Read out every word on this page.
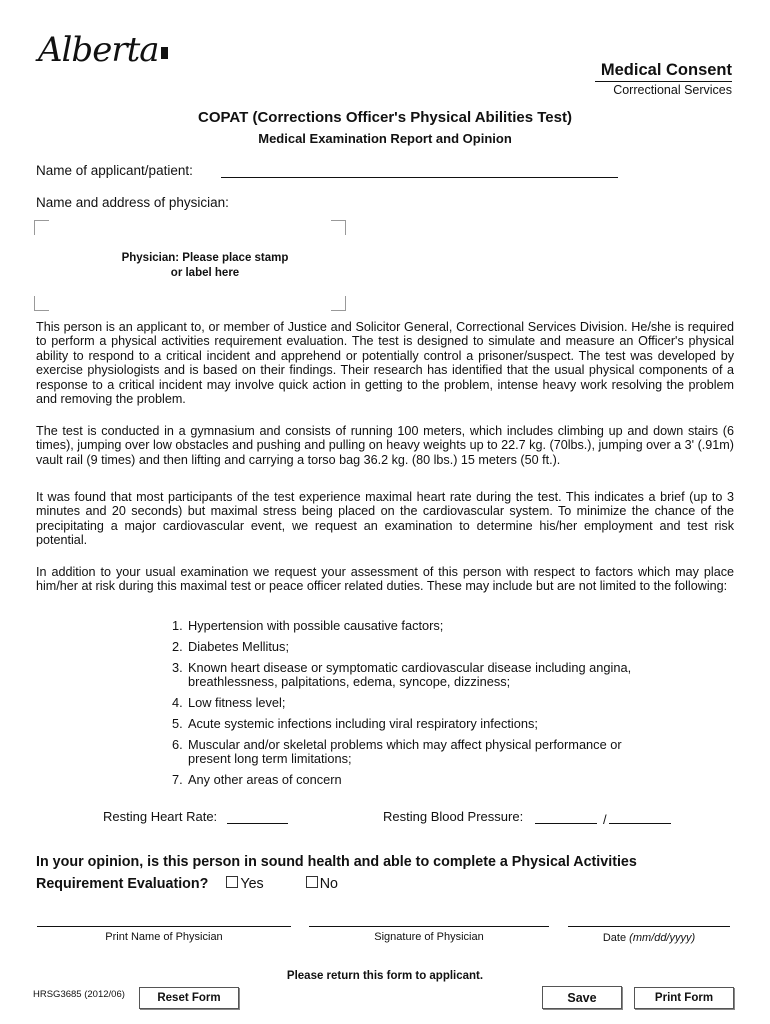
Alberta	Medical Consent
Correctional Services
COPAT (Corrections Officer's Physical Abilities Test)
Medical Examination Report and Opinion
Name of applicant/patient:
Name and address of physician:
Physician: Please place stamp
or label here
This person is an applicant to, or member of Justice and Solicitor General, Correctional Services Division. He/she is required to perform a physical activities requirement evaluation. The test is designed to simulate and measure an Officer's physical ability to respond to a critical incident and apprehend or potentially control a prisoner/suspect. The test was developed by exercise physiologists and is based on their findings. Their research has identified that the usual physical components of a response to a critical incident may involve quick action in getting to the problem, intense heavy work resolving the problem and removing the problem.
The test is conducted in a gymnasium and consists of running 100 meters, which includes climbing up and down stairs (6 times), jumping over low obstacles and pushing and pulling on heavy weights up to 22.7 kg. (70lbs.), jumping over a 3' (.91m) vault rail (9 times) and then lifting and carrying a torso bag 36.2 kg. (80 lbs.) 15 meters (50 ft.).
It was found that most participants of the test experience maximal heart rate during the test. This indicates a brief (up to 3 minutes and 20 seconds) but maximal stress being placed on the cardiovascular system. To minimize the chance of the precipitating a major cardiovascular event, we request an examination to determine his/her employment and test risk potential.
In addition to your usual examination we request your assessment of this person with respect to factors which may place him/her at risk during this maximal test or peace officer related duties. These may include but are not limited to the following:
1. Hypertension with possible causative factors;
2. Diabetes Mellitus;
3. Known heart disease or symptomatic cardiovascular disease including angina, breathlessness, palpitations, edema, syncope, dizziness;
4. Low fitness level;
5. Acute systemic infections including viral respiratory infections;
6. Muscular and/or skeletal problems which may affect physical performance or present long term limitations;
7. Any other areas of concern
Resting Heart Rate:	Resting Blood Pressure:	/
In your opinion, is this person in sound health and able to complete a Physical Activities
Requirement Evaluation? Yes	No
Print Name of Physician	Signature of Physician	Date (mm/dd/yyyy)
Please return this form to applicant.
HRSG3685 (2012/06)	Reset Form	Save	Print Form
